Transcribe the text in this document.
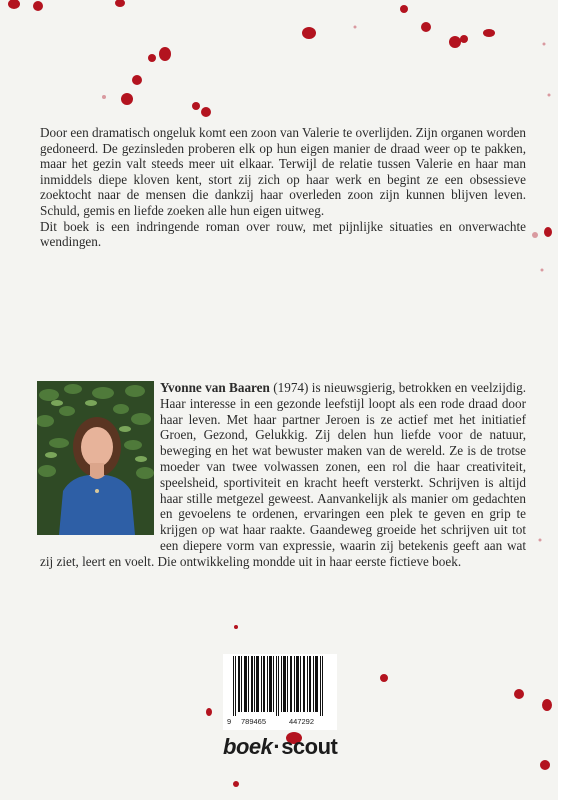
Door een dramatisch ongeluk komt een zoon van Valerie te overlijden. Zijn organen worden gedoneerd. De gezinsleden proberen elk op hun eigen manier de draad weer op te pakken, maar het gezin valt steeds meer uit elkaar. Terwijl de relatie tussen Valerie en haar man inmiddels diepe kloven kent, stort zij zich op haar werk en begint ze een obsessieve zoektocht naar de mensen die dankzij haar overleden zoon zijn kunnen blijven leven. Schuld, gemis en liefde zoeken alle hun eigen uitweg.

Dit boek is een indringende roman over rouw, met pijnlijke situaties en onverwachte wendingen.

Yvonne van Baaren (1974) is nieuwsgierig, betrokken en veelzijdig. Haar interesse in een gezonde leefstijl loopt als een rode draad door haar leven. Met haar partner Jeroen is ze actief met het initiatief Groen, Gezond, Gelukkig. Zij delen hun liefde voor de natuur, beweging en het wat bewuster maken van de wereld. Ze is de trotse moeder van twee volwassen zonen, een rol die haar creativiteit, speelsheid, sportiviteit en kracht heeft versterkt. Schrijven is altijd haar stille metgezel geweest. Aanvankelijk als manier om gedachten en gevoelens te ordenen, ervaringen een plek te geven en grip te krijgen op wat haar raakte. Gaandeweg groeide het schrijven uit tot een diepere vorm van expressie, waarin zij betekenis geeft aan wat zij ziet, leert en voelt. Die ontwikkeling mondde uit in haar eerste fictieve boek.
9 789465	447292
boek·scout
